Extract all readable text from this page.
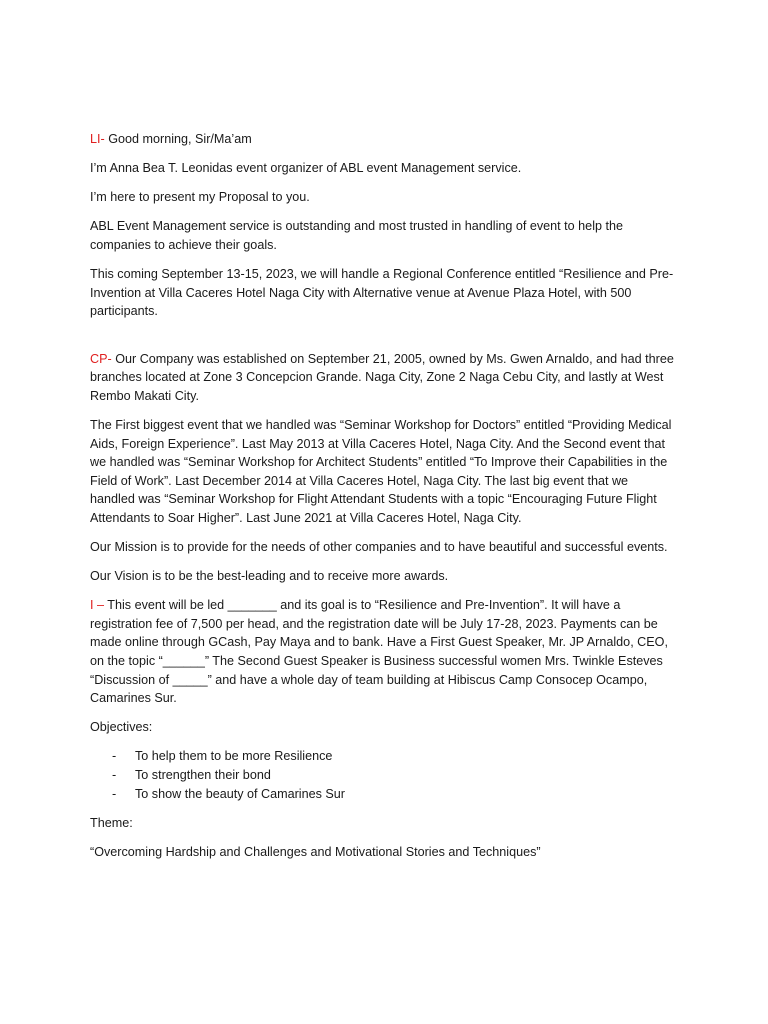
LI- Good morning, Sir/Ma’am

I’m Anna Bea T. Leonidas event organizer of ABL event Management service.

I’m here to present my Proposal to you.

ABL Event Management service is outstanding and most trusted in handling of event to help the companies to achieve their goals.

This coming September 13-15, 2023, we will handle a Regional Conference entitled “Resilience and Pre-Invention at Villa Caceres Hotel Naga City with Alternative venue at Avenue Plaza Hotel, with 500 participants.

CP- Our Company was established on September 21, 2005, owned by Ms. Gwen Arnaldo, and had three branches located at Zone 3 Concepcion Grande. Naga City, Zone 2 Naga Cebu City, and lastly at West Rembo Makati City.

The First biggest event that we handled was “Seminar Workshop for Doctors” entitled “Providing Medical Aids, Foreign Experience”. Last May 2013 at Villa Caceres Hotel, Naga City. And the Second event that we handled was “Seminar Workshop for Architect Students” entitled “To Improve their Capabilities in the Field of Work”. Last December 2014 at Villa Caceres Hotel, Naga City. The last big event that we handled was “Seminar Workshop for Flight Attendant Students with a topic “Encouraging Future Flight Attendants to Soar Higher”. Last June 2021 at Villa Caceres Hotel, Naga City.

Our Mission is to provide for the needs of other companies and to have beautiful and successful events.

Our Vision is to be the best-leading and to receive more awards.

I – This event will be led _______ and its goal is to “Resilience and Pre-Invention”. It will have a registration fee of 7,500 per head, and the registration date will be July 17-28, 2023. Payments can be made online through GCash, Pay Maya and to bank. Have a First Guest Speaker, Mr. JP Arnaldo, CEO, on the topic “______” The Second Guest Speaker is Business successful women Mrs. Twinkle Esteves “Discussion of _____” and have a whole day of team building at Hibiscus Camp Consocep Ocampo, Camarines Sur.

Objectives:

- To help them to be more Resilience
- To strengthen their bond
- To show the beauty of Camarines Sur

Theme:

“Overcoming Hardship and Challenges and Motivational Stories and Techniques”
